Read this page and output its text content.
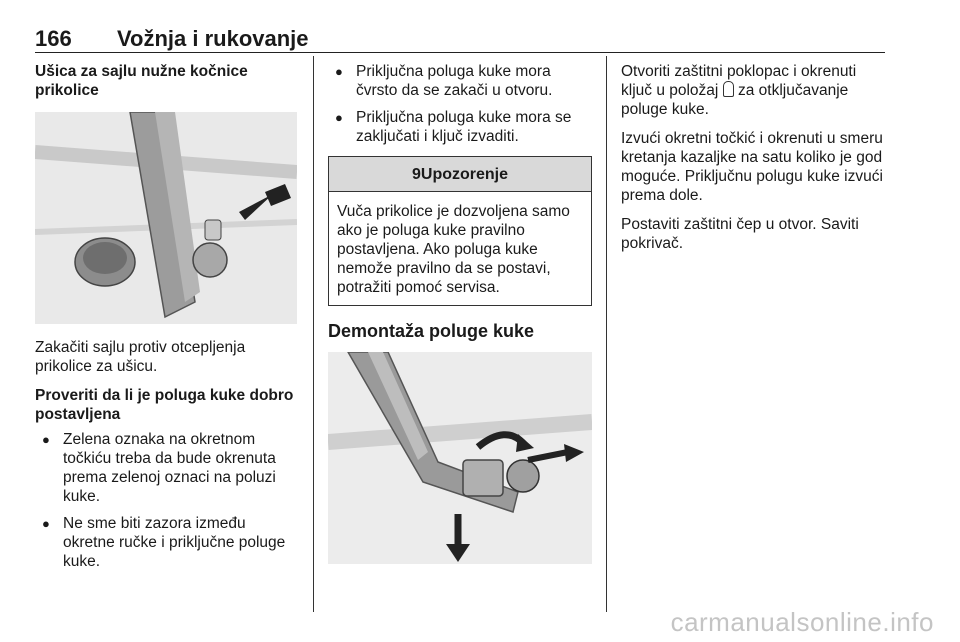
166 Vožnja i rukovanje

Ušica za sajlu nužne kočnice prikolice

Zakačiti sajlu protiv otcepljenja prikolice za ušicu.

Proveriti da li je poluga kuke dobro postavljena

● Zelena oznaka na okretnom točkiću treba da bude okrenuta prema zelenoj oznaci na poluzi kuke.
● Ne sme biti zazora između okretne ručke i priključne poluge kuke.
● Priključna poluga kuke mora čvrsto da se zakači u otvoru.
● Priključna poluga kuke mora se zaključati i ključ izvaditi.
9Upozorenje
Vuča prikolice je dozvoljena samo ako je poluga kuke pravilno postavljena. Ako poluga kuke nemože pravilno da se postavi, potražiti pomoć servisa.

Demontaža poluge kuke

Otvoriti zaštitni poklopac i okrenuti ključ u položaj  za otključavanje poluge kuke.

Izvući okretni točkić i okrenuti u smeru kretanja kazaljke na satu koliko je god moguće. Priključnu polugu kuke izvući prema dole.

Postaviti zaštitni čep u otvor. Saviti pokrivač.

carmanualsonline.info
